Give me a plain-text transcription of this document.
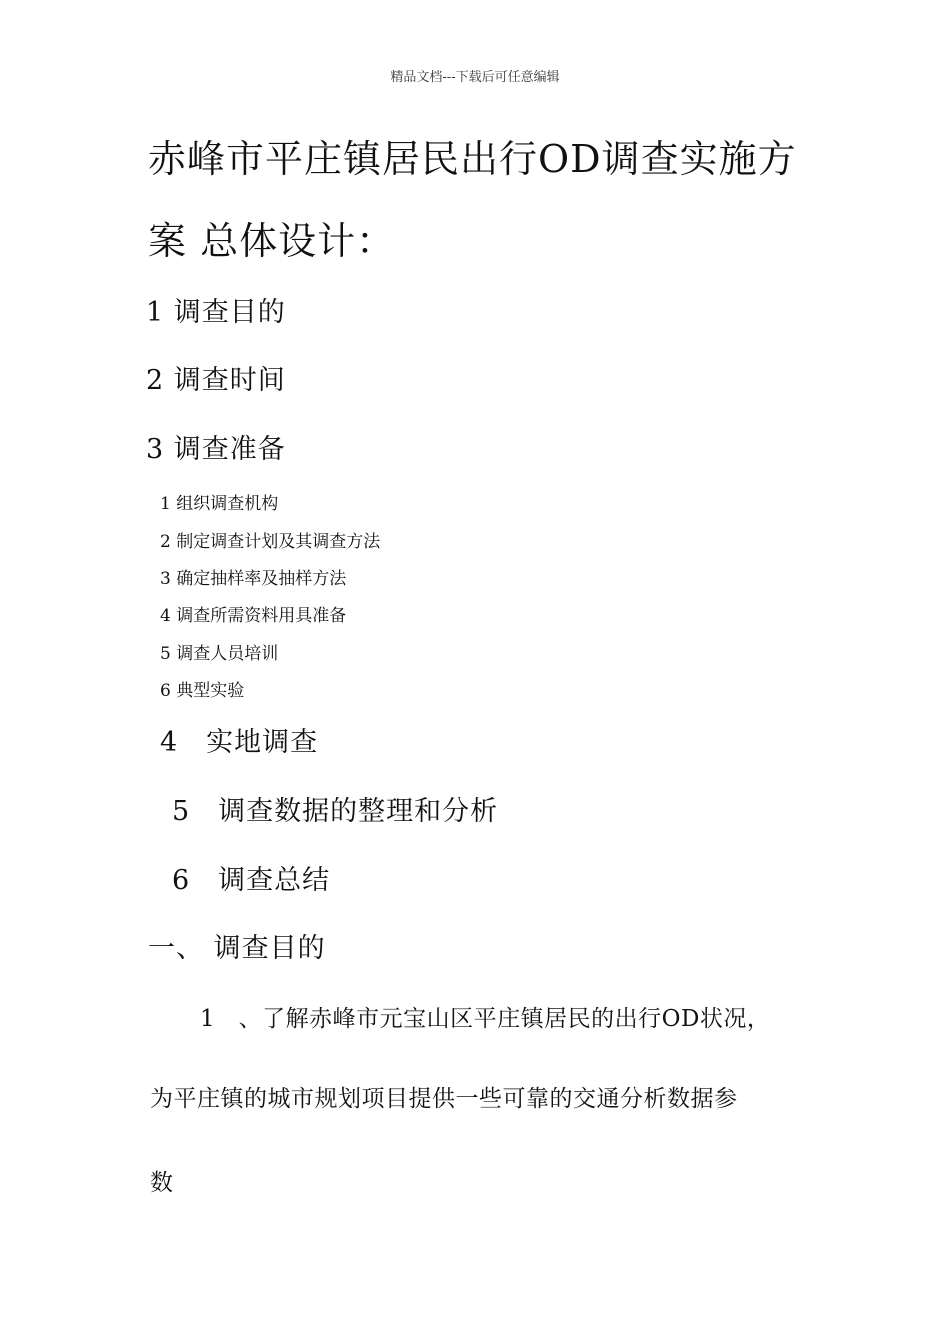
精品文档---下载后可任意编辑

赤峰市平庄镇居民出行OD调查实施方
案 总体设计：

1 调查目的

2 调查时间

3 调查准备

1 组织调查机构

2 制定调查计划及其调查方法

3 确定抽样率及抽样方法

4 调查所需资料用具准备

5 调查人员培训

6 典型实验

4　实地调查

5　调查数据的整理和分析

6　调查总结

一、 调查目的

1　、了解赤峰市元宝山区平庄镇居民的出行OD状况，

为平庄镇的城市规划项目提供一些可靠的交通分析数据参

数
